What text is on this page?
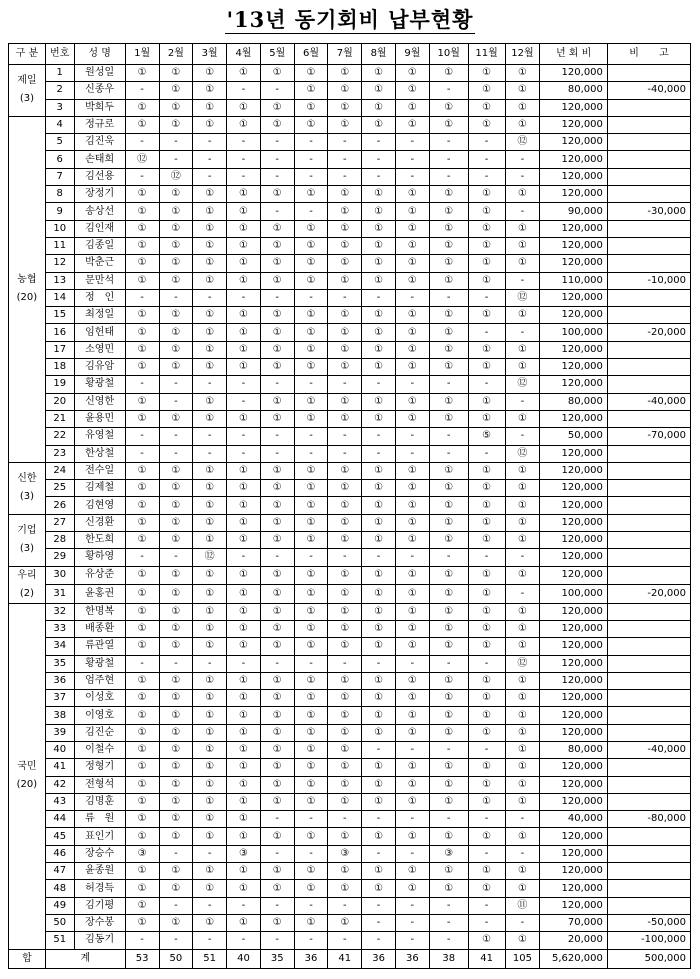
'13년 동기회비 납부현황
구 분	번호	성 명	1월	2월	3월	4월	5월	6월	7월	8월	9월	10월	11월	12월	년 회 비	비　　고

제일
(3)	1	원성일	①	①	①	①	①	①	①	①	①	①	①	①	120,000	
	2	신종우	-	①	①	-	-	①	①	①	①	-	①	①	80,000	-40,000
	3	박희두	①	①	①	①	①	①	①	①	①	①	①	①	120,000	

농협
(20)	4	정규로	①	①	①	①	①	①	①	①	①	①	①	①	120,000	
	5	김진욱	-	-	-	-	-	-	-	-	-	-	-	⑫	120,000	
	6	손태희	⑫	-	-	-	-	-	-	-	-	-	-	-	120,000	
	7	김선용	-	⑫	-	-	-	-	-	-	-	-	-	-	120,000	
	8	장정기	①	①	①	①	①	①	①	①	①	①	①	①	120,000	
	9	송상선	①	①	①	①	-	-	①	①	①	①	①	-	90,000	-30,000
	10	김인재	①	①	①	①	①	①	①	①	①	①	①	①	120,000	
	11	김종일	①	①	①	①	①	①	①	①	①	①	①	①	120,000	
	12	박춘근	①	①	①	①	①	①	①	①	①	①	①	①	120,000	
	13	문만석	①	①	①	①	①	①	①	①	①	①	①	-	110,000	-10,000
	14	정　인	-	-	-	-	-	-	-	-	-	-	-	⑫	120,000	
	15	최정일	①	①	①	①	①	①	①	①	①	①	①	①	120,000	
	16	임헌태	①	①	①	①	①	①	①	①	①	①	-	-	100,000	-20,000
	17	소영민	①	①	①	①	①	①	①	①	①	①	①	①	120,000	
	18	김유암	①	①	①	①	①	①	①	①	①	①	①	①	120,000	
	19	황광철	-	-	-	-	-	-	-	-	-	-	-	⑫	120,000	
	20	신영한	①	-	①	-	①	①	①	①	①	①	①	-	80,000	-40,000
	21	윤용민	①	①	①	①	①	①	①	①	①	①	①	①	120,000	
	22	유영철	-	-	-	-	-	-	-	-	-	-	⑤	-	50,000	-70,000
	23	한상철	-	-	-	-	-	-	-	-	-	-	-	⑫	120,000	

신한
(3)	24	전수일	①	①	①	①	①	①	①	①	①	①	①	①	120,000	
	25	김제철	①	①	①	①	①	①	①	①	①	①	①	①	120,000	
	26	김현영	①	①	①	①	①	①	①	①	①	①	①	①	120,000	

기업
(3)	27	신경환	①	①	①	①	①	①	①	①	①	①	①	①	120,000	
	28	한도희	①	①	①	①	①	①	①	①	①	①	①	①	120,000	
	29	황하영	-	-	⑫	-	-	-	-	-	-	-	-	-	120,000	

우리
(2)	30	유상준	①	①	①	①	①	①	①	①	①	①	①	①	120,000	
	31	윤홍권	①	①	①	①	①	①	①	①	①	①	①	-	100,000	-20,000

국민
(20)	32	한명복	①	①	①	①	①	①	①	①	①	①	①	①	120,000	
	33	배종환	①	①	①	①	①	①	①	①	①	①	①	①	120,000	
	34	류관열	①	①	①	①	①	①	①	①	①	①	①	①	120,000	
	35	황광철	-	-	-	-	-	-	-	-	-	-	-	⑫	120,000	
	36	엄주현	①	①	①	①	①	①	①	①	①	①	①	①	120,000	
	37	이성호	①	①	①	①	①	①	①	①	①	①	①	①	120,000	
	38	이영호	①	①	①	①	①	①	①	①	①	①	①	①	120,000	
	39	김진순	①	①	①	①	①	①	①	①	①	①	①	①	120,000	
	40	이철수	①	①	①	①	①	①	①	-	-	-	-	①	80,000	-40,000
	41	정형기	①	①	①	①	①	①	①	①	①	①	①	①	120,000	
	42	전형석	①	①	①	①	①	①	①	①	①	①	①	①	120,000	
	43	김명훈	①	①	①	①	①	①	①	①	①	①	①	①	120,000	
	44	류　원	①	①	①	①	-	-	-	-	-	-	-	-	40,000	-80,000
	45	표인기	①	①	①	①	①	①	①	①	①	①	①	①	120,000	
	46	장승수	③	-	-	③	-	-	③	-	-	③	-	-	120,000	
	47	윤종원	①	①	①	①	①	①	①	①	①	①	①	①	120,000	
	48	허경득	①	①	①	①	①	①	①	①	①	①	①	①	120,000	
	49	김기평	①	-	-	-	-	-	-	-	-	-	-	⑪	120,000	
	50	장수봉	①	①	①	①	①	①	①	-	-	-	-	-	70,000	-50,000
	51	김동기	-	-	-	-	-	-	-	-	-	-	①	①	20,000	-100,000
합	계		53	50	51	40	35	36	41	36	36	38	41	105	5,620,000	500,000
